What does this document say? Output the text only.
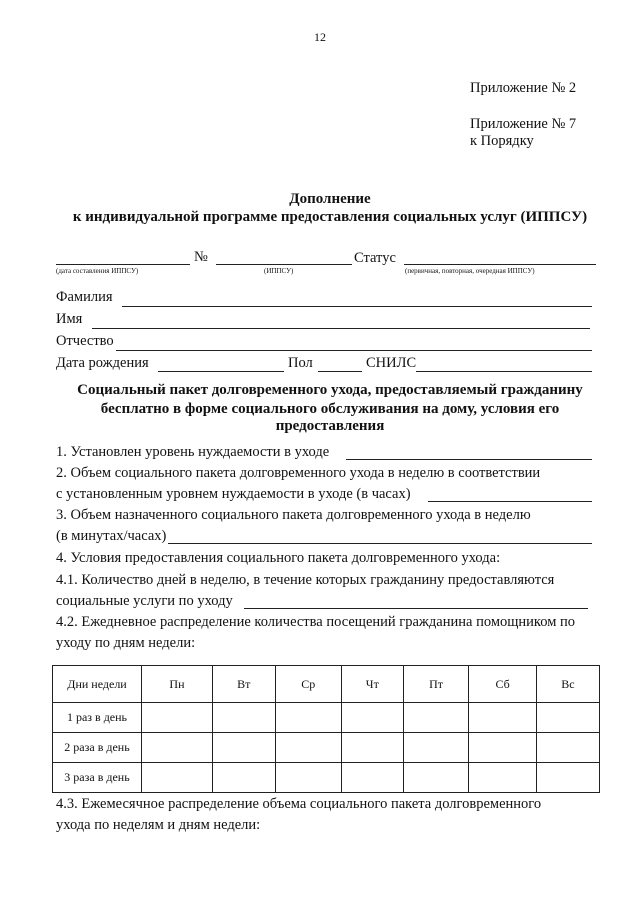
12
Приложение № 2
Приложение № 7
к Порядку
Дополнение
к индивидуальной программе предоставления социальных услуг (ИППСУ)
№	Статус
(дата составления ИППСУ)	(ИППСУ)	(первичная, повторная, очередная ИППСУ)
Фамилия
Имя
Отчество
Дата рождения	Пол	СНИЛС
Социальный пакет долговременного ухода, предоставляемый гражданину
бесплатно в форме социального обслуживания на дому, условия его
предоставления
1. Установлен уровень нуждаемости в уходе
2. Объем социального пакета долговременного ухода в неделю в соответствии
с установленным уровнем нуждаемости в уходе (в часах)
3. Объем назначенного социального пакета долговременного ухода в неделю
(в минутах/часах)
4. Условия предоставления социального пакета долговременного ухода:
4.1. Количество дней в неделю, в течение которых гражданину предоставляются
социальные услуги по уходу
4.2. Ежедневное распределение количества посещений гражданина помощником по
уходу по дням недели:
Дни недели	Пн	Вт	Ср	Чт	Пт	Сб	Вс
1 раз в день							
2 раза в день							
3 раза в день							
4.3. Ежемесячное распределение объема социального пакета долговременного
ухода по неделям и дням недели:
